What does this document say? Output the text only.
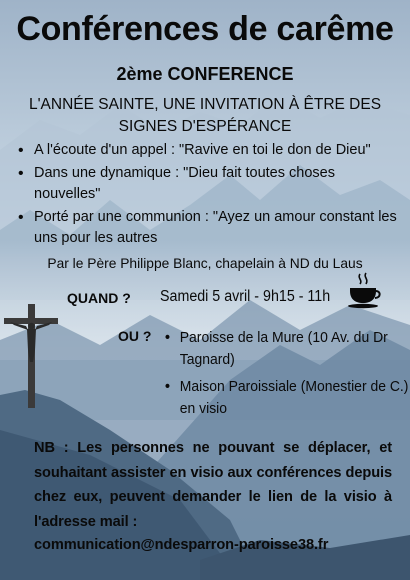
Conférences de carême
2ème CONFERENCE
L'ANNÉE SAINTE, UNE INVITATION À ÊTRE DES SIGNES D'ESPÉRANCE
• A l'écoute d'un appel : "Ravive en toi le don de Dieu"
• Dans une dynamique : "Dieu fait toutes choses nouvelles"
• Porté par une communion : "Ayez un amour constant les uns pour les autres
Par le Père Philippe Blanc, chapelain à ND du Laus
QUAND ? Samedi 5 avril - 9h15 - 11h
OU ?
•	Paroisse de la Mure (10 Av. du Dr Tagnard)
• Maison Paroissiale (Monestier de C.) en visio
NB : Les personnes ne pouvant se déplacer, et souhaitant assister en visio aux conférences depuis chez eux, peuvent demander le lien de la visio à l'adresse mail :
communication@ndesparron-paroisse38.fr
